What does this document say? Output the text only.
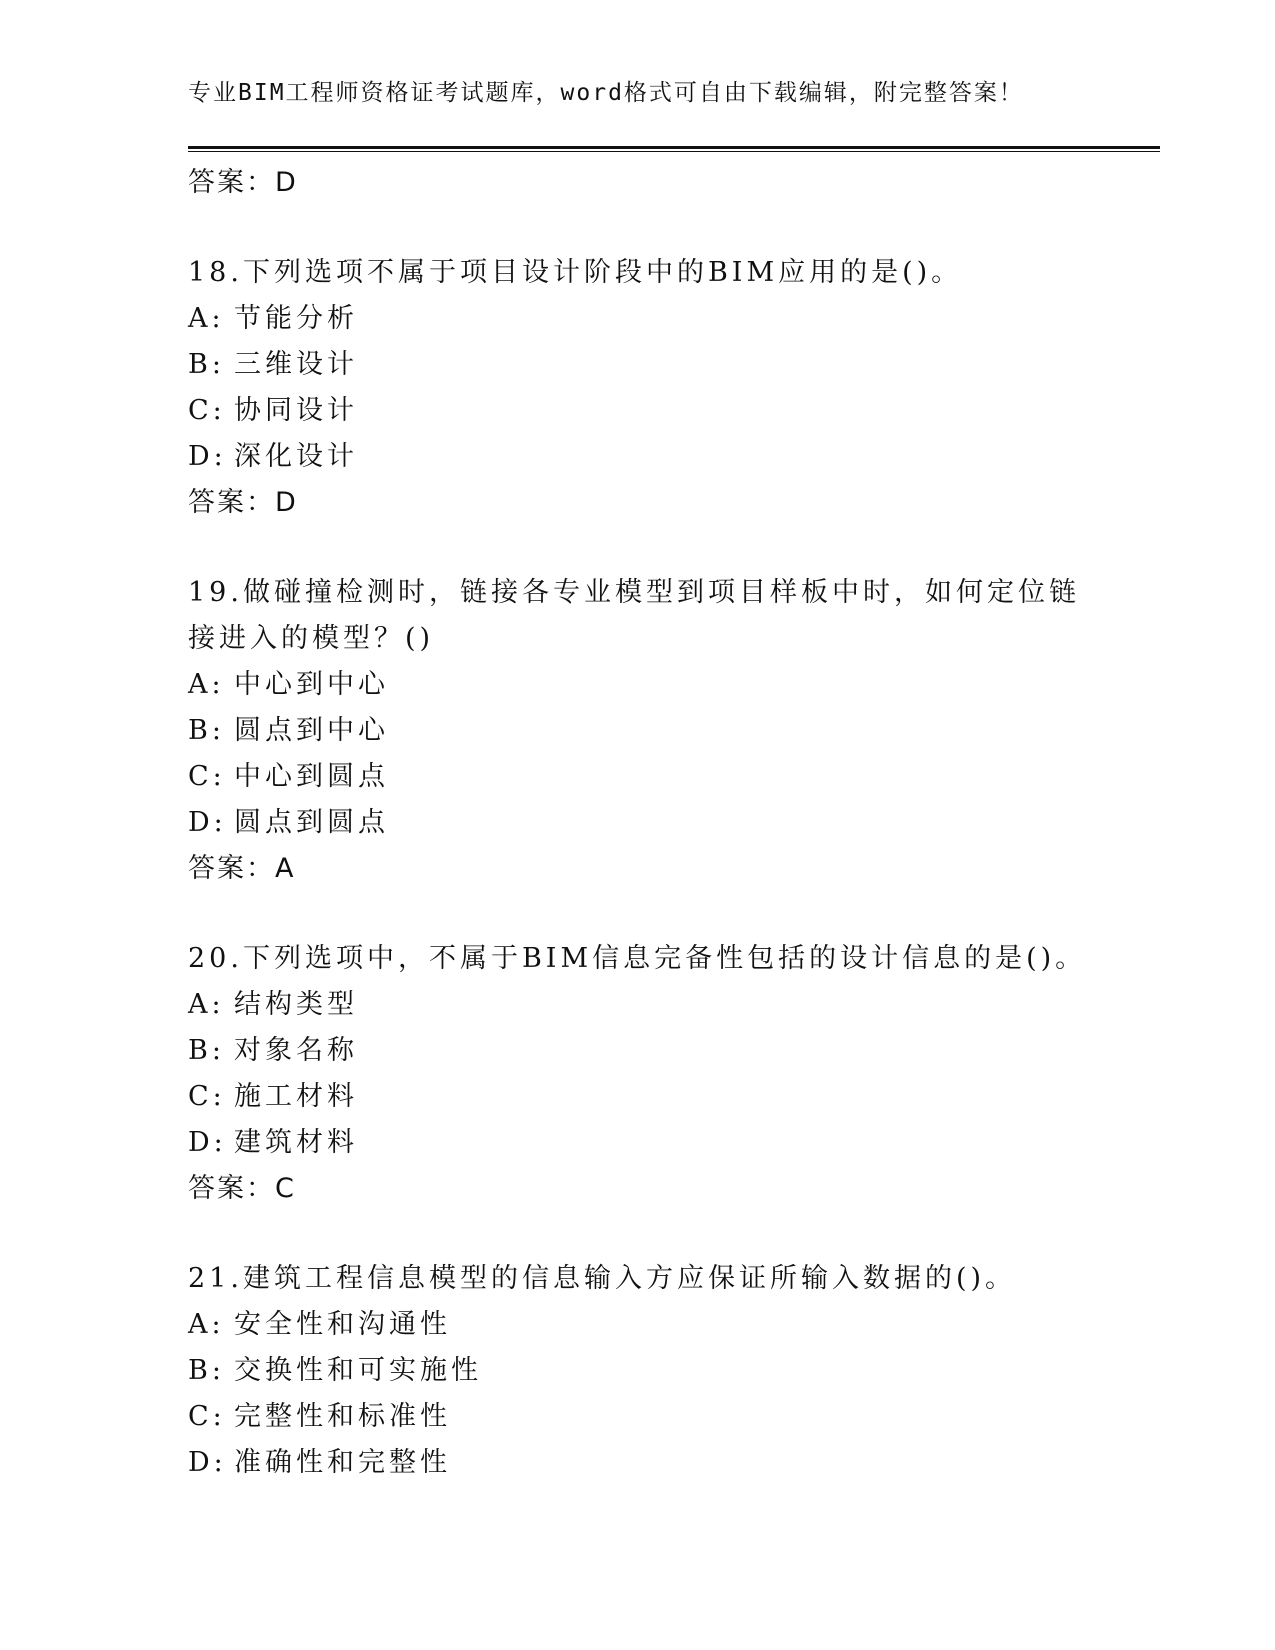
专业BIM工程师资格证考试题库，word格式可自由下载编辑，附完整答案！
答案：D
18.下列选项不属于项目设计阶段中的BIM应用的是()。
A: 节能分析
B: 三维设计
C: 协同设计
D: 深化设计
答案：D
19.做碰撞检测时，链接各专业模型到项目样板中时，如何定位链接进入的模型？()
A: 中心到中心
B: 圆点到中心
C: 中心到圆点
D: 圆点到圆点
答案：A
20.下列选项中，不属于BIM信息完备性包括的设计信息的是()。
A: 结构类型
B: 对象名称
C: 施工材料
D: 建筑材料
答案：C
21.建筑工程信息模型的信息输入方应保证所输入数据的()。
A: 安全性和沟通性
B: 交换性和可实施性
C: 完整性和标准性
D: 准确性和完整性
